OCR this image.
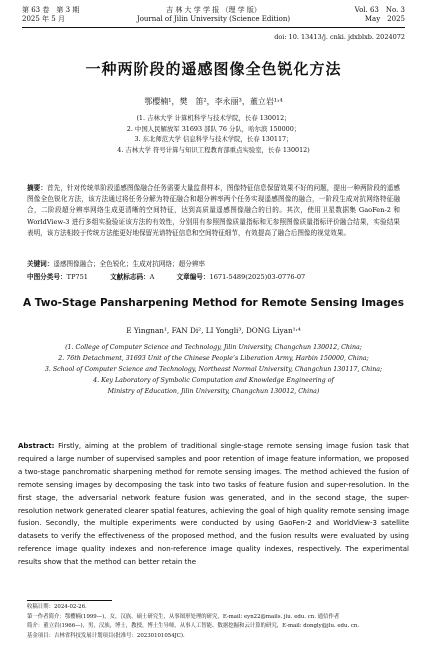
第 63 卷　第 3 期
2025 年 5 月
吉 林 大 学 学 报 （理 学 版）
Journal of Jilin University (Science Edition)
Vol. 63　No. 3
May　2025
doi: 10. 13413/j. cnki. jdxblxb. 2024072
一种两阶段的遥感图像全色锐化方法
鄂樱楠¹，樊　笛²，李永丽³，董立岩¹˒⁴
(1. 吉林大学 计算机科学与技术学院，长春 130012；
2. 中国人民解放军 31693 部队 76 分队，哈尔滨 150000；
3. 东北师范大学 信息科学与技术学院，长春 130117；
4. 吉林大学 符号计算与知识工程教育部重点实验室，长春 130012)
摘要：首先，针对传统单阶段遥感图像融合任务需要大量监督样本，图像特征信息保留效果不好的问题，提出一种两阶段的遥感图像全色锐化方法，该方法通过将任务分解为特征融合和超分辨率两个任务实现遥感图像的融合，一阶段生成对抗网络特征融合，二阶段超分辨率网络生成更清晰的空间特征，达到高质量遥感图像融合的目的。其次，使用卫星数据集 GaoFen-2 和 WorldView-3 进行多组实验验证该方法的有效性，分别用有参照图像质量指标和无参照图像质量指标评价融合结果，实验结果表明，该方法相较于传统方法能更好地保留光谱特征信息和空间特征细节，有效提高了融合后图像的视觉效果。
关键词：遥感图像融合；全色锐化；生成对抗网络；超分辨率
中图分类号：TP751	文献标志码：A	文章编号：1671-5489(2025)03-0776-07
A Two-Stage Pansharpening Method for Remote Sensing Images
E Yingnan¹, FAN Di², LI Yongli³, DONG Liyan¹˒⁴
(1. College of Computer Science and Technology, Jilin University, Changchun 130012, China;
2. 76th Detachment, 31693 Unit of the Chinese People’s Liberation Army, Harbin 150000, China;
3. School of Computer Science and Technology, Northeast Normal University, Changchun 130117, China;
4. Key Laboratory of Symbolic Computation and Knowledge Engineering of
Ministry of Education, Jilin University, Changchun 130012, China)
Abstract: Firstly, aiming at the problem of traditional single-stage remote sensing image fusion task that required a large number of supervised samples and poor retention of image feature information, we proposed a two-stage panchromatic sharpening method for remote sensing images. The method achieved the fusion of remote sensing images by decomposing the task into two tasks of feature fusion and super-resolution. In the first stage, the adversarial network feature fusion was generated, and in the second stage, the super-resolution network generated clearer spatial features, achieving the goal of high quality remote sensing image fusion. Secondly, the multiple experiments were conducted by using GaoFen-2 and WorldView-3 satellite datasets to verify the effectiveness of the proposed method, and the fusion results were evaluated by using reference image quality indexes and non-reference image quality indexes, respectively. The experimental results show that the method can better retain the
收稿日期：2024-02-26.
第一作者简介：鄂樱楠(1999—)，女，汉族，硕士研究生，从事图形处理的研究，E-mail: eyn22@mails. jlu. edu. cn. 通信作者
简介：董立岩(1966—)，男，汉族，博士，教授，博士生导师，从事人工智能、数据挖掘和云计算的研究，E-mail: dongly@jlu. edu. cn.
基金项目：吉林省科技发展计划项目(批准号：20230101054JC).
